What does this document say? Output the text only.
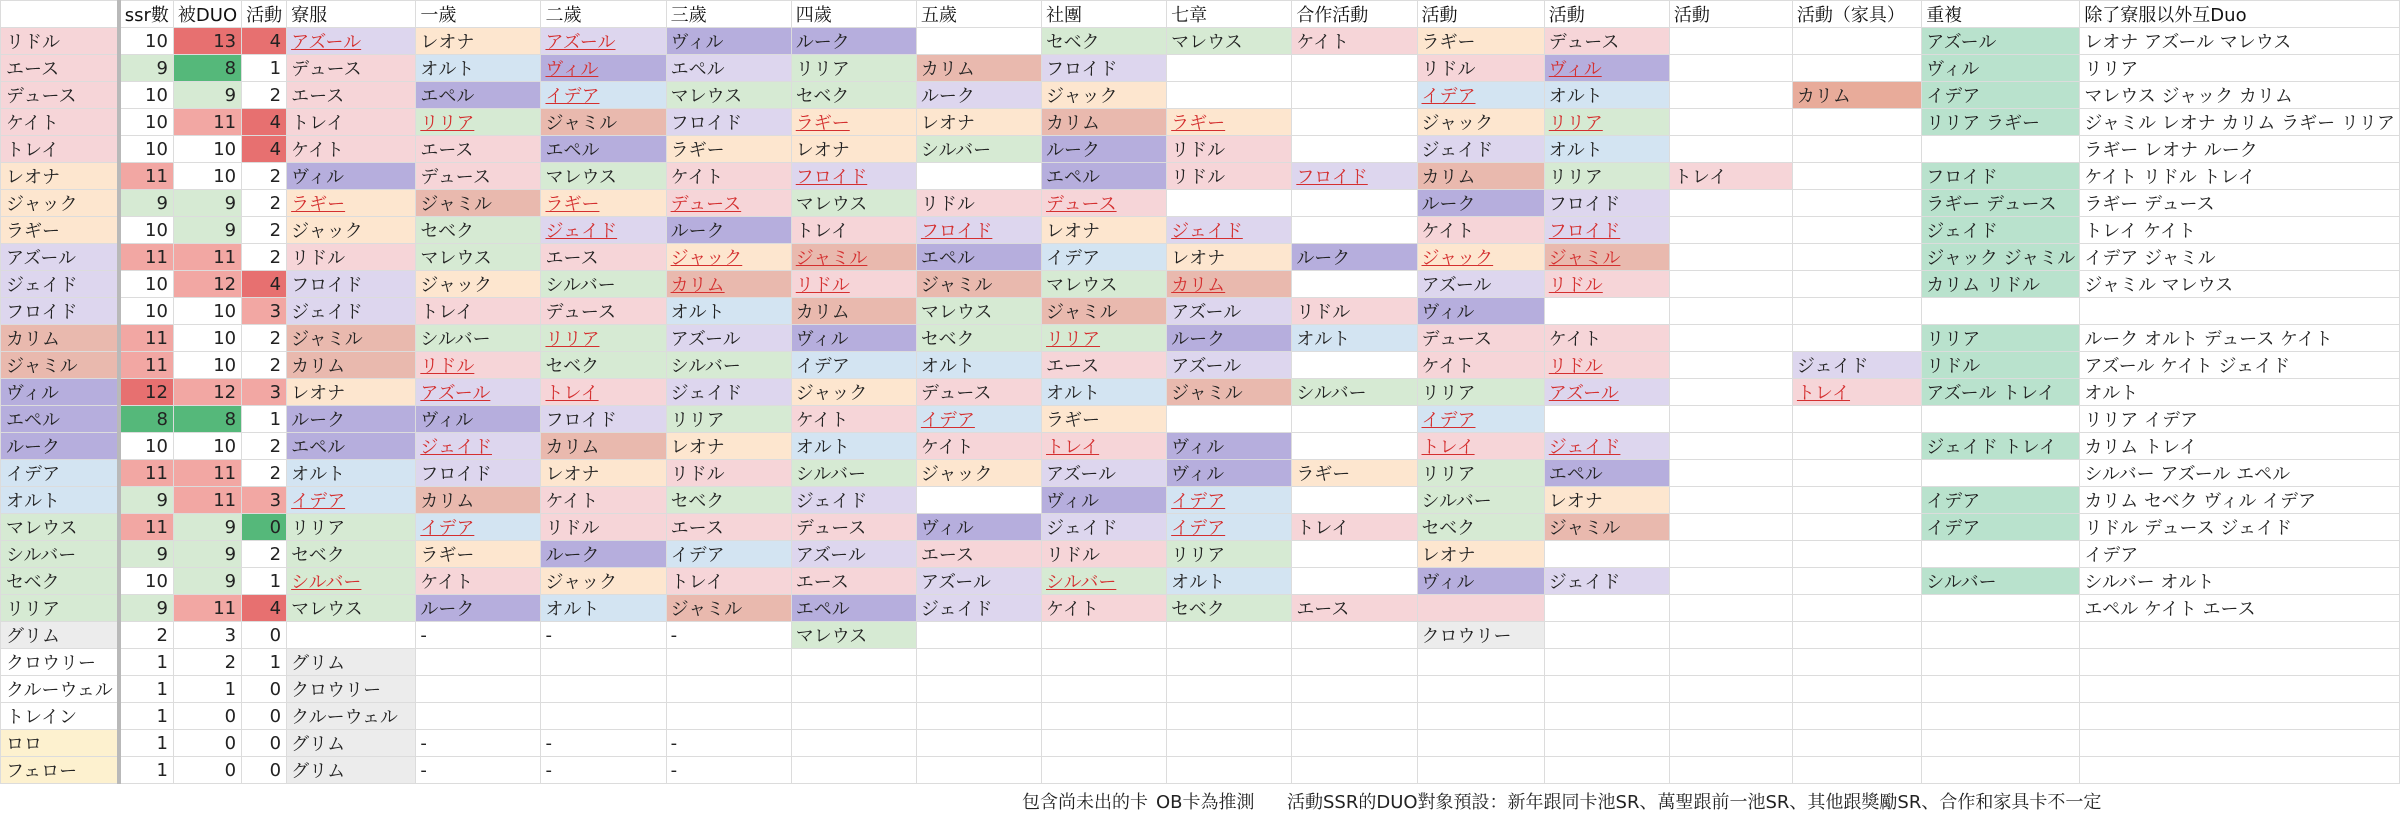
	ssr數	被DUO	活動	寮服	一歲	二歲	三歲	四歲	五歲	社團	七章	合作活動	活動	活動	活動	活動（家具）	重複	除了寮服以外互Duo
リドル	10	13	4	アズール	レオナ	アズール	ヴィル	ルーク		セベク	マレウス	ケイト	ラギー	デュース			アズール	レオナ アズール マレウス
エース	9	8	1	デュース	オルト	ヴィル	エペル	リリア	カリム	フロイド			リドル	ヴィル			ヴィル	リリア
デュース	10	9	2	エース	エペル	イデア	マレウス	セベク	ルーク	ジャック			イデア	オルト		カリム	イデア	マレウス ジャック カリム
ケイト	10	11	4	トレイ	リリア	ジャミル	フロイド	ラギー	レオナ	カリム	ラギー		ジャック	リリア			リリア ラギー	ジャミル レオナ カリム ラギー リリア
トレイ	10	10	4	ケイト	エース	エペル	ラギー	レオナ	シルバー	ルーク	リドル		ジェイド	オルト				ラギー レオナ ルーク
レオナ	11	10	2	ヴィル	デュース	マレウス	ケイト	フロイド		エペル	リドル	フロイド	カリム	リリア	トレイ		フロイド	ケイト リドル トレイ
ジャック	9	9	2	ラギー	ジャミル	ラギー	デュース	マレウス	リドル	デュース			ルーク	フロイド			ラギー デュース	ラギー デュース
ラギー	10	9	2	ジャック	セベク	ジェイド	ルーク	トレイ	フロイド	レオナ	ジェイド		ケイト	フロイド			ジェイド	トレイ ケイト
アズール	11	11	2	リドル	マレウス	エース	ジャック	ジャミル	エペル	イデア	レオナ	ルーク	ジャック	ジャミル			ジャック ジャミル	イデア ジャミル
ジェイド	10	12	4	フロイド	ジャック	シルバー	カリム	リドル	ジャミル	マレウス	カリム		アズール	リドル			カリム リドル	ジャミル マレウス
フロイド	10	10	3	ジェイド	トレイ	デュース	オルト	カリム	マレウス	ジャミル	アズール	リドル	ヴィル					
カリム	11	10	2	ジャミル	シルバー	リリア	アズール	ヴィル	セベク	リリア	ルーク	オルト	デュース	ケイト			リリア	ルーク オルト デュース ケイト
ジャミル	11	10	2	カリム	リドル	セベク	シルバー	イデア	オルト	エース	アズール		ケイト	リドル		ジェイド	リドル	アズール ケイト ジェイド
ヴィル	12	12	3	レオナ	アズール	トレイ	ジェイド	ジャック	デュース	オルト	ジャミル	シルバー	リリア	アズール		トレイ	アズール トレイ	オルト
エペル	8	8	1	ルーク	ヴィル	フロイド	リリア	ケイト	イデア	ラギー			イデア					リリア イデア
ルーク	10	10	2	エペル	ジェイド	カリム	レオナ	オルト	ケイト	トレイ	ヴィル		トレイ	ジェイド			ジェイド トレイ	カリム トレイ
イデア	11	11	2	オルト	フロイド	レオナ	リドル	シルバー	ジャック	アズール	ヴィル	ラギー	リリア	エペル				シルバー アズール エペル
オルト	9	11	3	イデア	カリム	ケイト	セベク	ジェイド		ヴィル	イデア		シルバー	レオナ			イデア	カリム セベク ヴィル イデア
マレウス	11	9	0	リリア	イデア	リドル	エース	デュース	ヴィル	ジェイド	イデア	トレイ	セベク	ジャミル			イデア	リドル デュース ジェイド
シルバー	9	9	2	セベク	ラギー	ルーク	イデア	アズール	エース	リドル	リリア		レオナ					イデア
セベク	10	9	1	シルバー	ケイト	ジャック	トレイ	エース	アズール	シルバー	オルト		ヴィル	ジェイド			シルバー	シルバー オルト
リリア	9	11	4	マレウス	ルーク	オルト	ジャミル	エペル	ジェイド	ケイト	セベク	エース						エペル ケイト エース
グリム	2	3	0		-	-	-	マレウス					クロウリー					
クロウリー	1	2	1	グリム														
クルーウェル	1	1	0	クロウリー														
トレイン	1	0	0	クルーウェル														
ロロ	1	0	0	グリム	-	-	-											
フェロー	1	0	0	グリム	-	-	-											
包含尚未出的卡	OB卡為推測	活動SSR的DUO對象預設：新年跟同卡池SR、萬聖跟前一池SR、其他跟獎勵SR、合作和家具卡不一定
